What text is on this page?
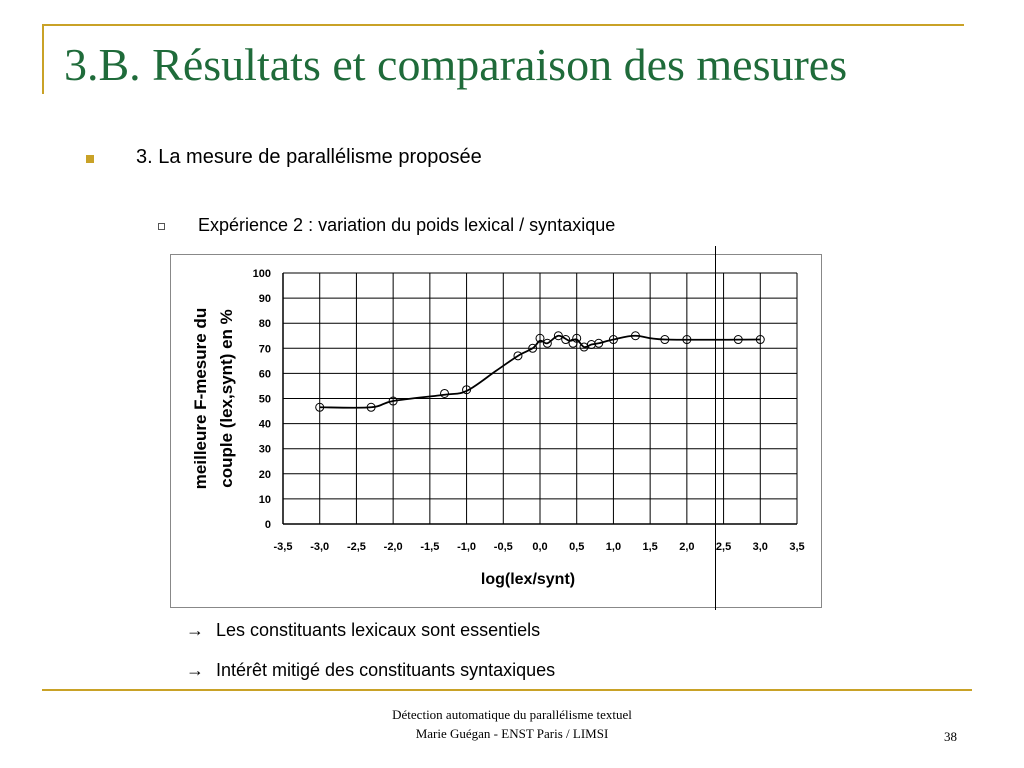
3.B. Résultats et comparaison des mesures
3. La mesure de parallélisme proposée
Expérience 2 : variation du poids lexical / syntaxique
-3,5 -3,0 -2,5 -2,0 -1,5 -1,0 -0,5 0,0 0,5 1,0 1,5 2,0 2,5 3,0 3,5
0
10
20
30
40
50
60
70
80
90
100
log(lex/synt)
meilleure F-mesure du couple (lex,synt) en %
→ Les constituants lexicaux sont essentiels
→ Intérêt mitigé des constituants syntaxiques
Détection automatique du parallélisme textuel
Marie Guégan - ENST Paris / LIMSI	38
